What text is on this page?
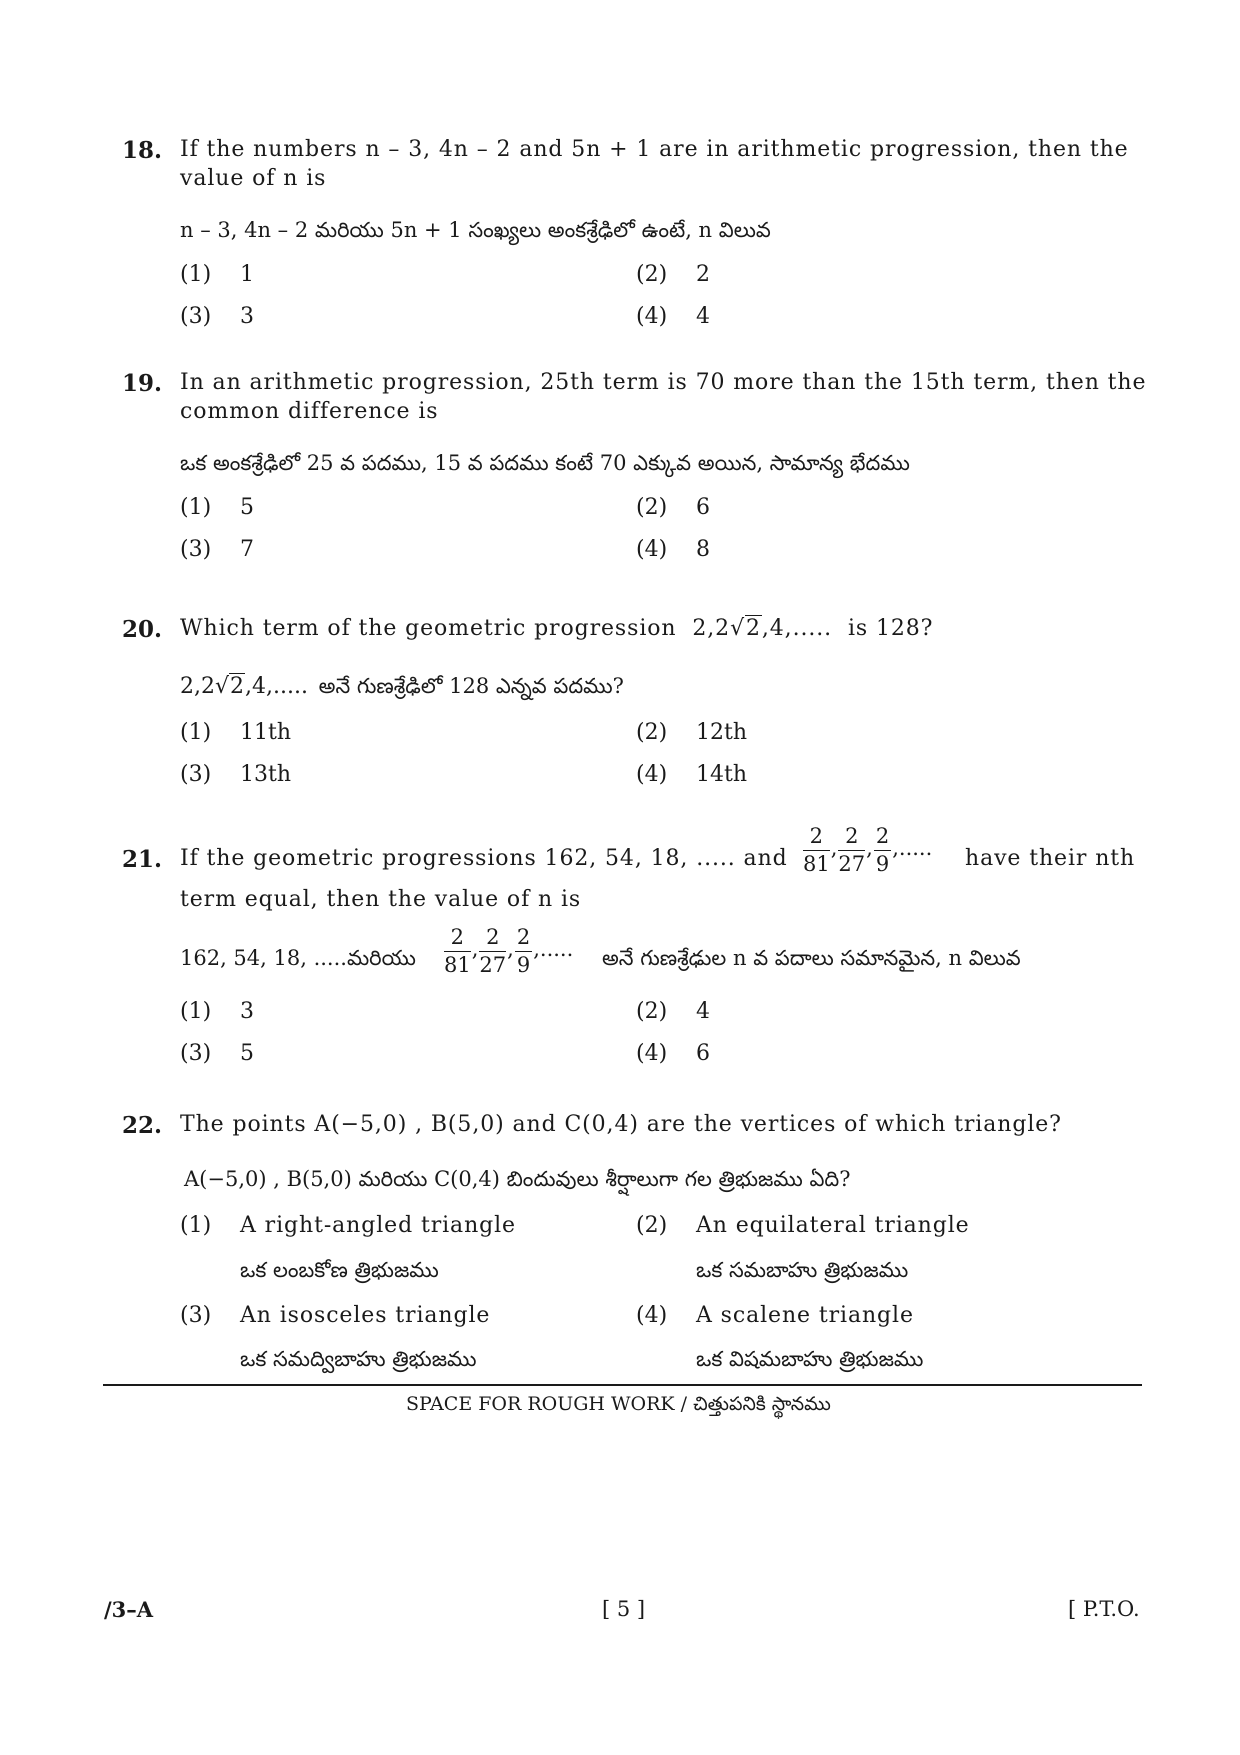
18. If the numbers n – 3, 4n – 2 and 5n + 1 are in arithmetic progression, then the
value of n is
n – 3, 4n – 2 మరియు 5n + 1 సంఖ్యలు అంకశ్రేఢిలో ఉంటే, n విలువ
(1) 1	(2) 2
(3) 3	(4) 4
19. In an arithmetic progression, 25th term is 70 more than the 15th term, then the
common difference is
ఒక అంకశ్రేఢిలో 25 వ పదము, 15 వ పదము కంటే 70 ఎక్కువ అయిన, సామాన్య భేదము
(1) 5	(2) 6
(3) 7	(4) 8
20. Which term of the geometric progression 2,2√2,4,..... is 128?
2,2√2,4,..... అనే గుణశ్రేఢిలో 128 ఎన్నవ పదము?
(1) 11th	(2) 12th
(3) 13th	(4) 14th
21. If the geometric progressions 162, 54, 18, ..... and $\frac{2}{81}$ , $\frac{2}{27}$ , $\frac{2}{9}$ ,..... have their nth
term equal, then the value of n is
162, 54, 18, .....మరియు $\frac{2}{81}$ , $\frac{2}{27}$ , $\frac{2}{9}$ ,..... అనే గుణశ్రేఢుల n వ పదాలు సమానమైన, n విలువ
(1) 3	(2) 4
(3) 5	(4) 6
22. The points A(−5,0) , B(5,0) and C(0,4) are the vertices of which triangle?
A(−5,0) , B(5,0) మరియు C(0,4) బిందువులు శీర్షాలుగా గల త్రిభుజము ఏది?
(1) A right-angled triangle
ఒక లంబకోణ త్రిభుజము
(2) An equilateral triangle
ఒక సమబాహు త్రిభుజము
(3) An isosceles triangle
ఒక సమద్విబాహు త్రిభుజము
(4) A scalene triangle
ఒక విషమబాహు త్రిభుజము
SPACE FOR ROUGH WORK / చిత్తుపనికి స్థానము
/3–A	[ 5 ]	[ P.T.O.
